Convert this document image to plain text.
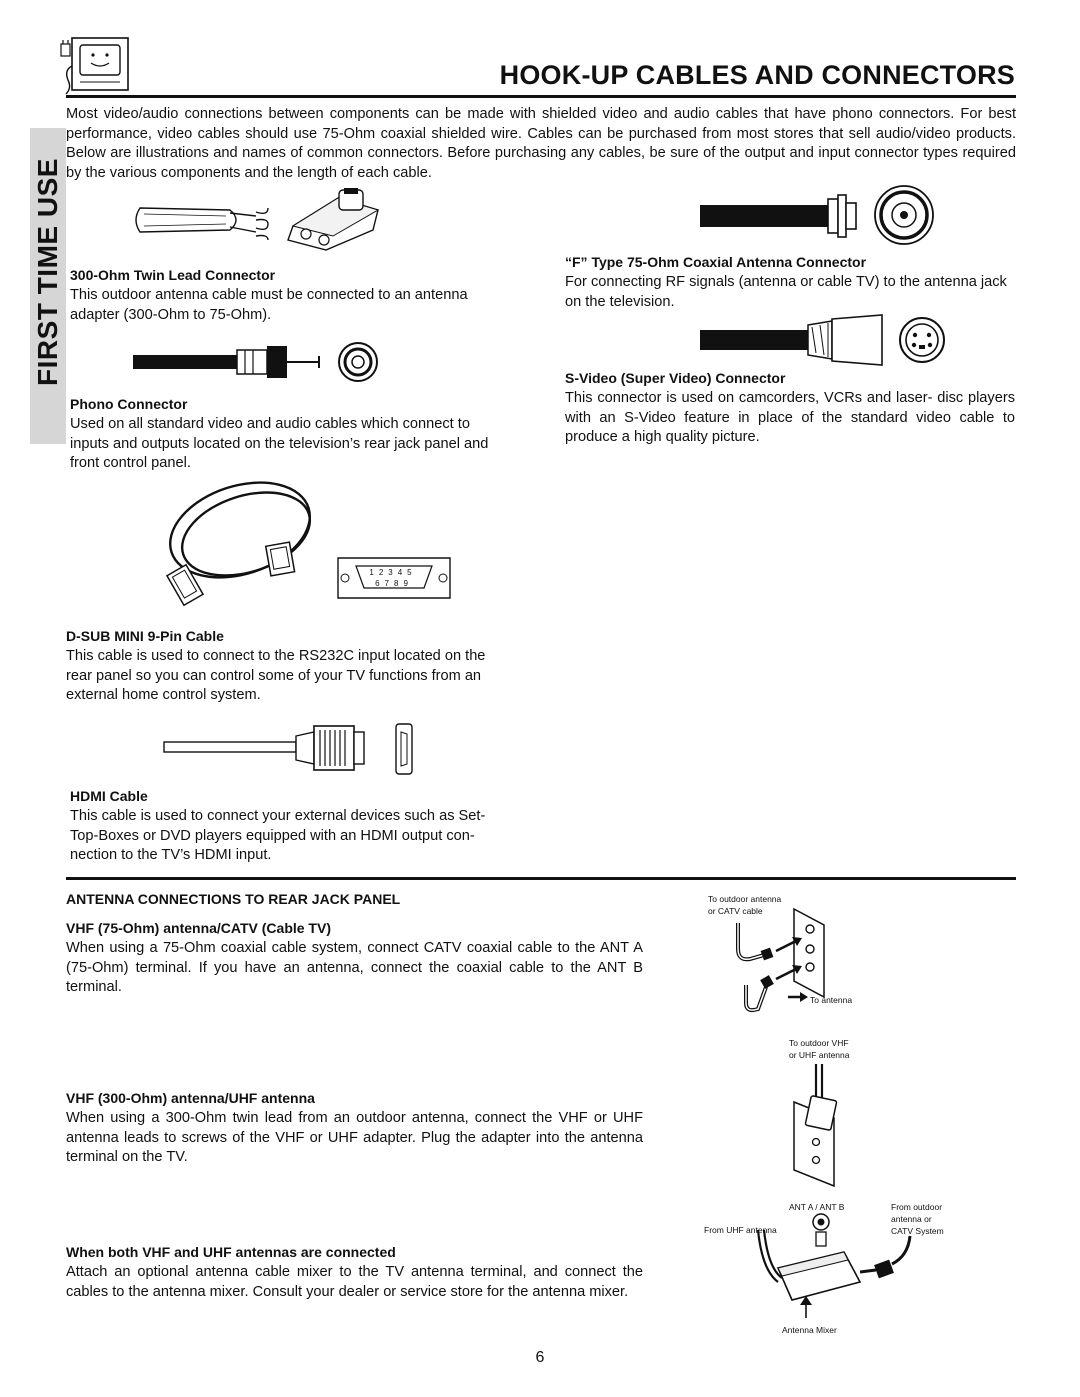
HOOK-UP CABLES AND CONNECTORS
FIRST TIME USE
Most video/audio connections between components can be made with shielded video and audio cables that have phono connectors. For best performance, video cables should use 75-Ohm coaxial shielded wire. Cables can be purchased from most stores that sell audio/video products. Below are illustrations and names of common connectors. Before purchasing any cables, be sure of the output and input connector types required by the various components and the length of each cable.
300-Ohm Twin Lead Connector
This outdoor antenna cable must be connected to an antenna adapter (300-Ohm to 75-Ohm).
“F” Type 75-Ohm Coaxial Antenna Connector
For connecting RF signals (antenna or cable TV) to the antenna jack on the television.
Phono Connector
Used on all standard video and audio cables which connect to inputs and outputs located on the television’s rear jack panel and front control panel.
S-Video (Super Video) Connector
This connector is used on camcorders, VCRs and laser- disc players with an S-Video feature in place of the standard video cable to produce a high quality picture.
12345
6789
D-SUB MINI 9-Pin Cable
This cable is used to connect to the RS232C input located on the rear panel so you can control some of your TV functions from an external home control system.
HDMI Cable
This cable is used to connect your external devices such as Set-Top-Boxes or DVD players equipped with an HDMI output con- nection to the TV’s HDMI input.
ANTENNA CONNECTIONS TO REAR JACK PANEL
VHF (75-Ohm) antenna/CATV (Cable TV)
When using a 75-Ohm coaxial cable system, connect CATV coaxial cable to the ANT A (75-Ohm) terminal. If you have an antenna, connect the coaxial cable to the ANT B terminal.
VHF (300-Ohm) antenna/UHF antenna
When using a 300-Ohm twin lead from an outdoor antenna, connect the VHF or UHF antenna leads to screws of the VHF or UHF adapter. Plug the adapter into the antenna terminal on the TV.
When both VHF and UHF antennas are connected
Attach an optional antenna cable mixer to the TV antenna terminal, and connect the cables to the antenna mixer. Consult your dealer or service store for the antenna mixer.
To outdoor antenna
or CATV cable
To antenna
To outdoor VHF
or UHF antenna
ANT A / ANT B
From UHF antenna
From outdoor
antenna or
CATV System
Antenna Mixer
6
